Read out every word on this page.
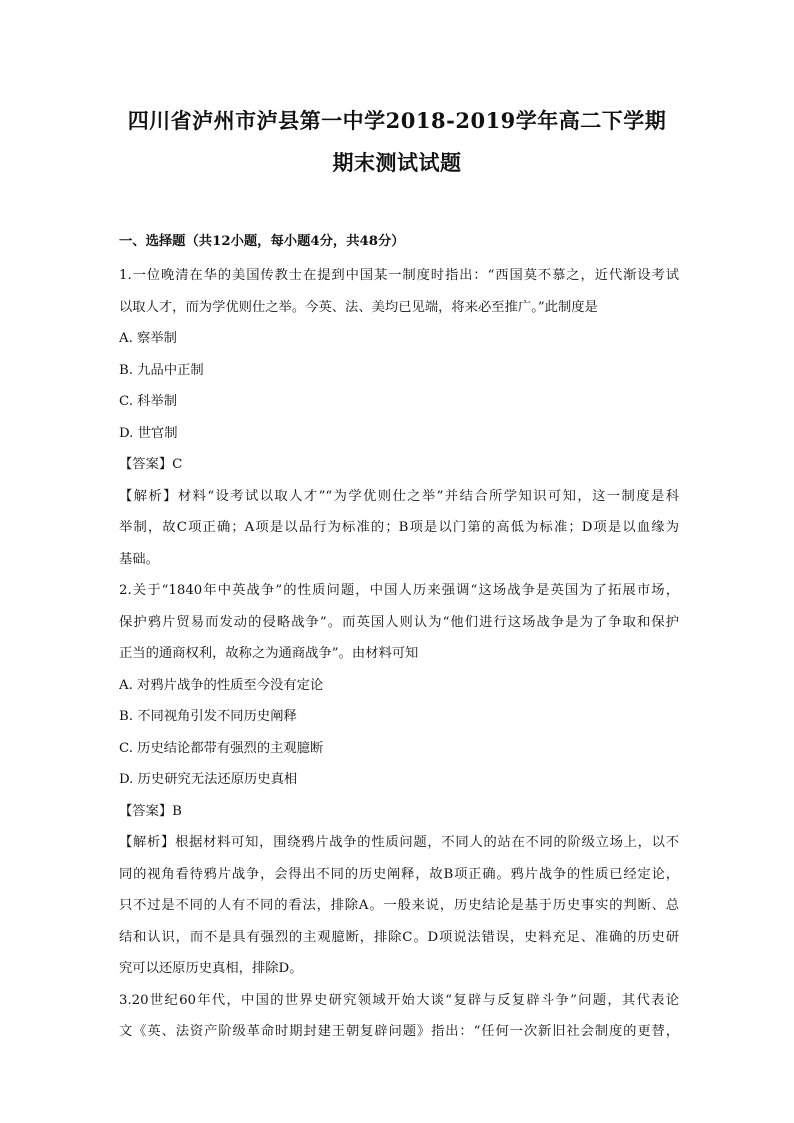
四川省泸州市泸县第一中学2018-2019学年高二下学期
期末测试试题
一、选择题（共12小题，每小题4分，共48分）
1.一位晚清在华的美国传教士在提到中国某一制度时指出：“西国莫不慕之，近代渐设考试
以取人才，而为学优则仕之举。今英、法、美均已见端，将来必至推广。”此制度是
A. 察举制
B. 九品中正制
C. 科举制
D. 世官制
【答案】C
【解析】材料“设考试以取人才”“为学优则仕之举”并结合所学知识可知，这一制度是科
举制，故C项正确；A项是以品行为标准的；B项是以门第的高低为标准；D项是以血缘为
基础。
2.关于“1840年中英战争”的性质问题，中国人历来强调“这场战争是英国为了拓展市场，
保护鸦片贸易而发动的侵略战争”。而英国人则认为“他们进行这场战争是为了争取和保护
正当的通商权利，故称之为通商战争”。由材料可知
A. 对鸦片战争的性质至今没有定论
B. 不同视角引发不同历史阐释
C. 历史结论都带有强烈的主观臆断
D. 历史研究无法还原历史真相
【答案】B
【解析】根据材料可知，围绕鸦片战争的性质问题，不同人的站在不同的阶级立场上，以不
同的视角看待鸦片战争，会得出不同的历史阐释，故B项正确。鸦片战争的性质已经定论，
只不过是不同的人有不同的看法，排除A。一般来说，历史结论是基于历史事实的判断、总
结和认识，而不是具有强烈的主观臆断，排除C。D项说法错误，史料充足、准确的历史研
究可以还原历史真相，排除D。
3.20世纪60年代，中国的世界史研究领域开始大谈“复辟与反复辟斗争”问题，其代表论
文《英、法资产阶级革命时期封建王朝复辟问题》指出：“任何一次新旧社会制度的更替，
